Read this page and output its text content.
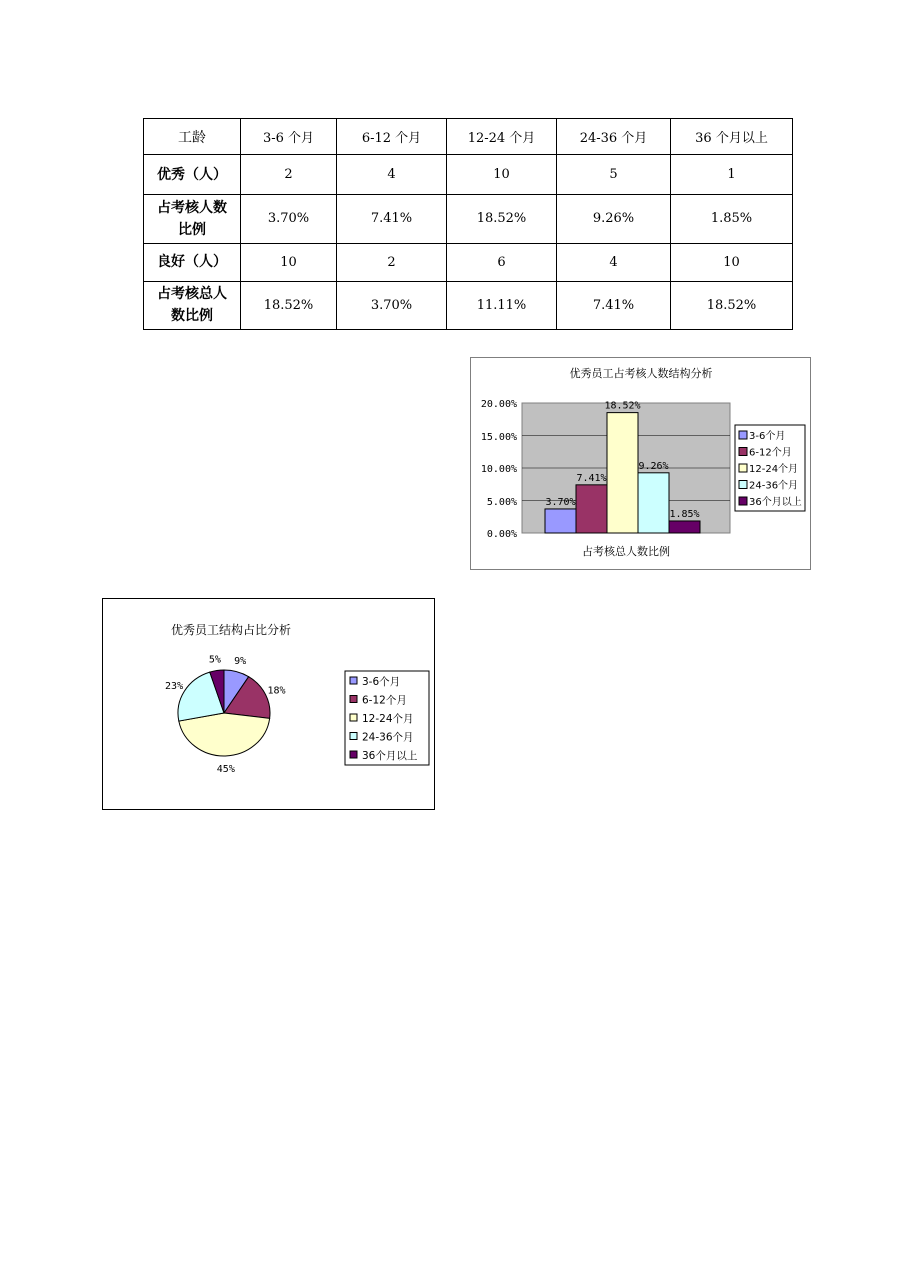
工龄	3-6 个月	6-12 个月	12-24 个月	24-36 个月	36 个月以上
优秀（人）	2	4	10	5	1
占考核人数
比例	3.70%	7.41%	18.52%	9.26%	1.85%
良好（人）	10	2	6	4	10
占考核总人
数比例	18.52%	3.70%	11.11%	7.41%	18.52%
优秀员工占考核人数结构分析
20.00%
15.00%
10.00%
5.00%
0.00%
3.70%
7.41%
18.52%
9.26%
1.85%
占考核总人数比例
3-6个月
6-12个月
12-24个月
24-36个月
36个月以上
优秀员工结构占比分析
9%
18%
45%
23%
5%
3-6个月
6-12个月
12-24个月
24-36个月
36个月以上
